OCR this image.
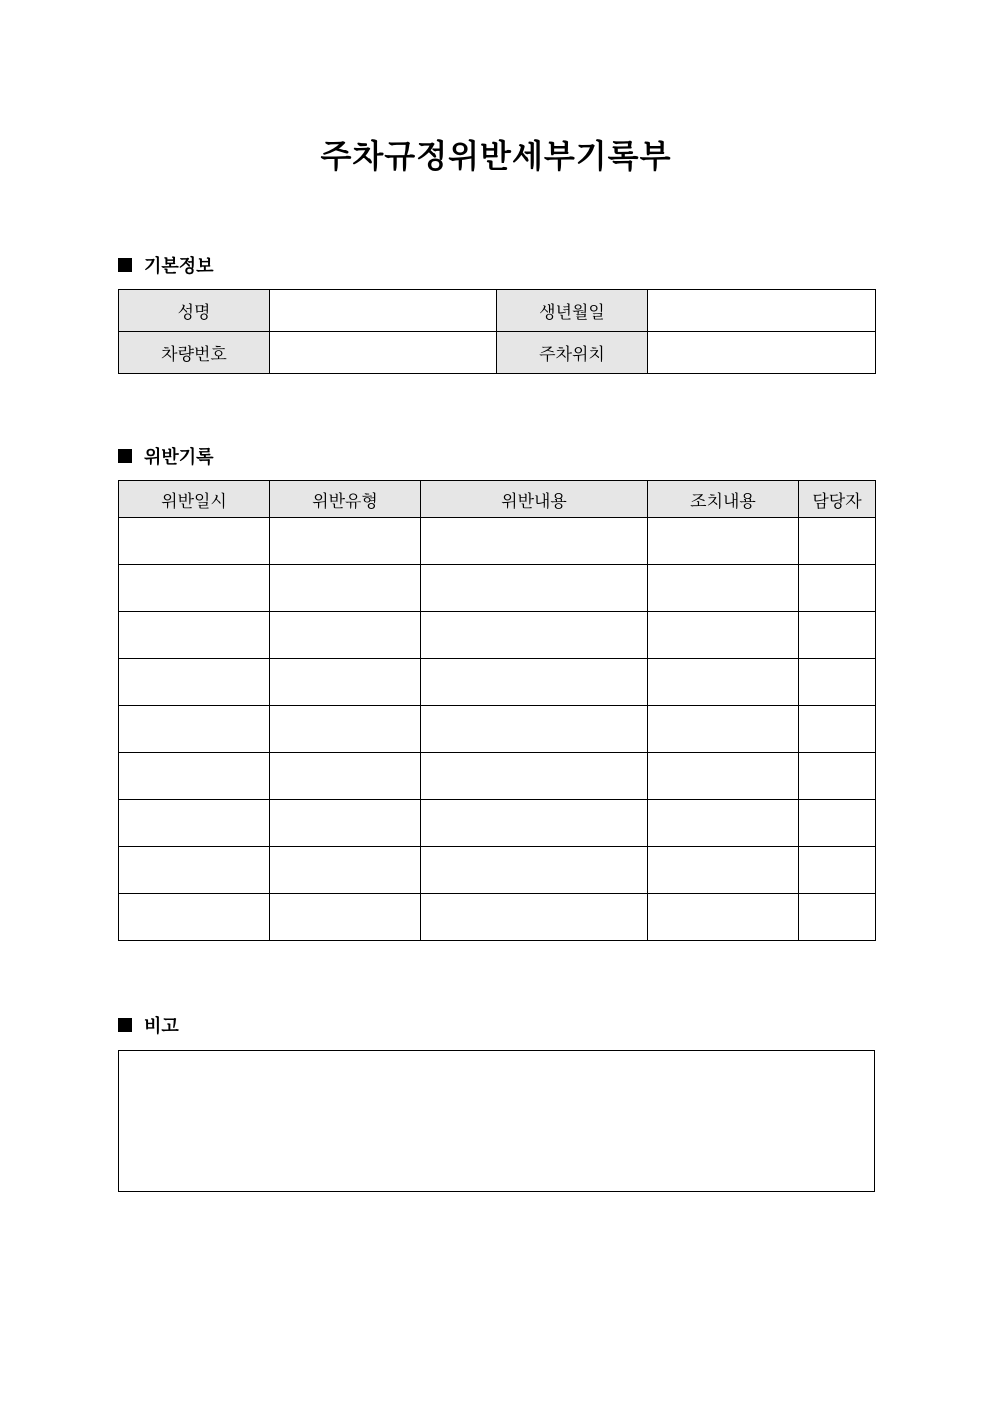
주차규정위반세부기록부
기본정보
성명		생년월일	
차량번호		주차위치	
위반기록
위반일시	위반유형	위반내용	조치내용	담당자

비고
